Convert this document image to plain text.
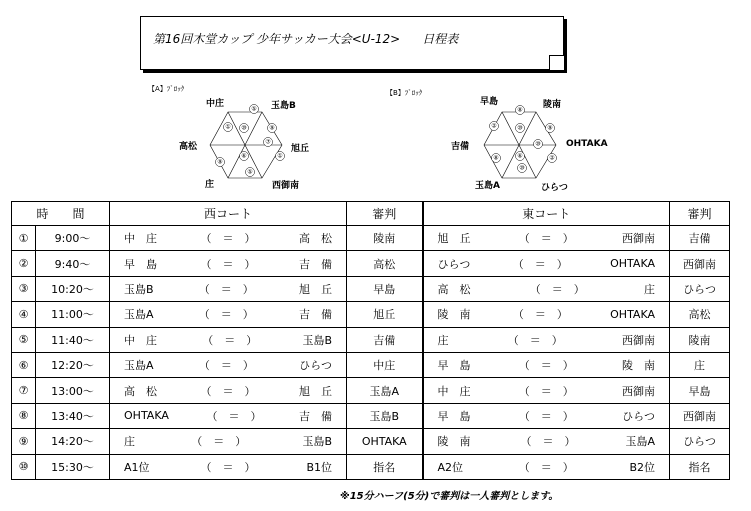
第16回木堂カップ 少年サッカー大会<U-12> 日程表
【A】ﾌﾞﾛｯｸ
中庄	玉島B
旭丘
西御南
庄
高松
⑤
①
⑦
①
⑤
⑥
⑩	⑨
⑨
【B】ﾌﾞﾛｯｸ
早島	陵南
OHTAKA
ひらつ
玉島A
吉備
⑧
②	⑨
⑩
②
⑧
⑩
⑥
⑩
時　　間		西コート	審判	東コート	審判
①	9:00〜	中　庄 （　＝　） 高　松	陵南	旭　丘 （　＝　） 西御南	吉備
②	9:40〜	早　島 （　＝　） 吉　備	高松	ひらつ （　＝　） OHTAKA	西御南
③	10:20〜	玉島B （　＝　） 旭　丘	早島	高　松 （　＝　） 庄	ひらつ
④	11:00〜	玉島A （　＝　） 吉　備	旭丘	陵　南 （　＝　） OHTAKA	高松
⑤	11:40〜	中　庄 （　＝　） 玉島B	吉備	庄 （　＝　） 西御南	陵南
⑥	12:20〜	玉島A （　＝　） ひらつ	中庄	早　島 （　＝　） 陵　南	庄
⑦	13:00〜	高　松 （　＝　） 旭　丘	玉島A	中　庄 （　＝　） 西御南	早島
⑧	13:40〜	OHTAKA （　＝　） 吉　備	玉島B	早　島 （　＝　） ひらつ	西御南
⑨	14:20〜	庄 （　＝　） 玉島B	OHTAKA	陵　南 （　＝　） 玉島A	ひらつ
⑩	15:30〜	A1位 （　＝　） B1位	指名	A2位 （　＝　） B2位	指名
※15分ハーフ(5分)で審判は一人審判とします。
